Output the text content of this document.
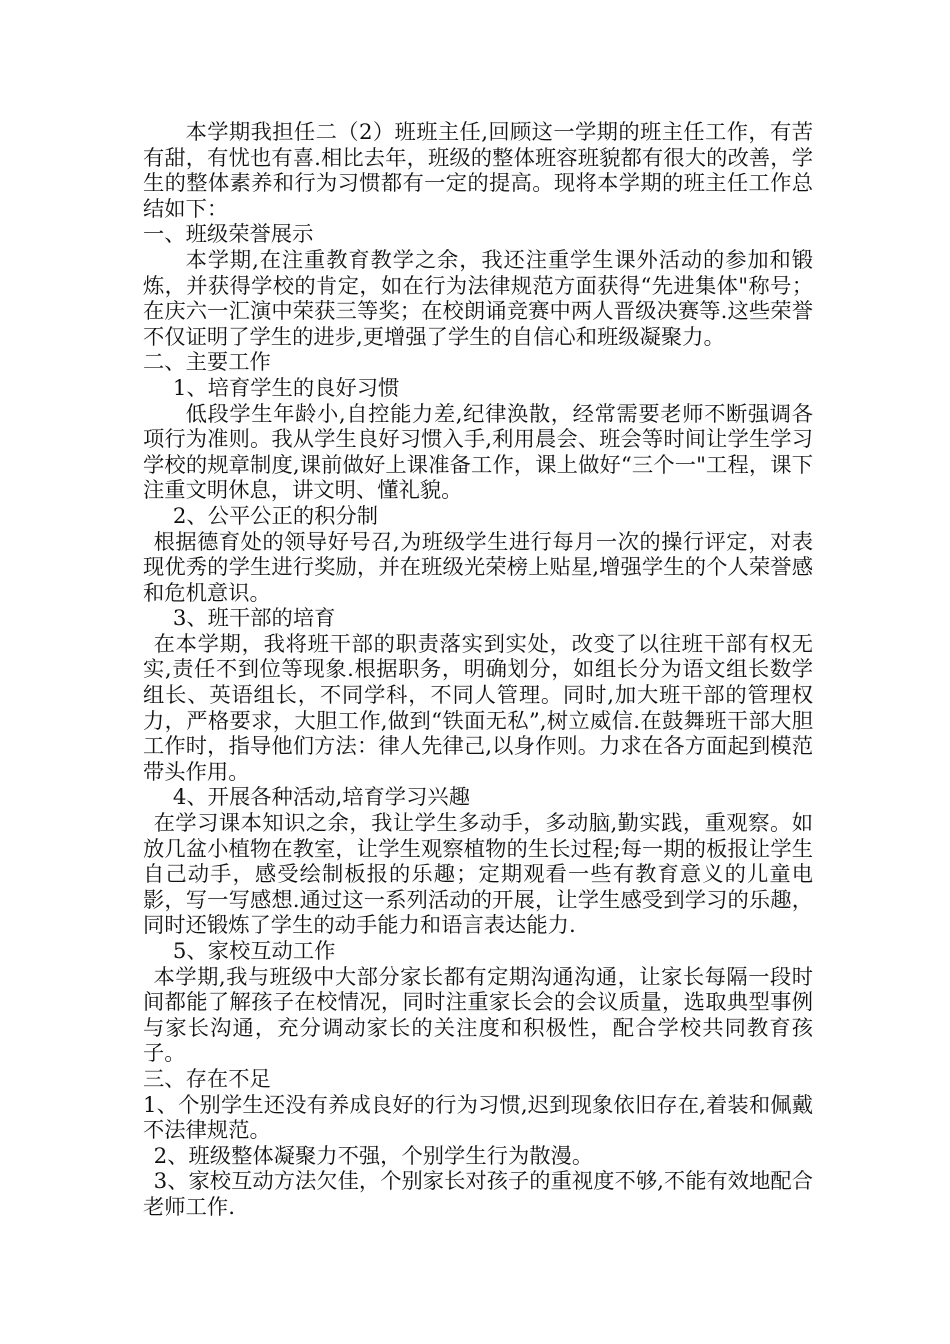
本学期我担任二（2）班班主任,回顾这一学期的班主任工作，有苦有甜，有忧也有喜.相比去年，班级的整体班容班貌都有很大的改善，学生的整体素养和行为习惯都有一定的提高。现将本学期的班主任工作总结如下：

一、班级荣誉展示

本学期,在注重教育教学之余，我还注重学生课外活动的参加和锻炼，并获得学校的肯定，如在行为法律规范方面获得“先进集体"称号；在庆六一汇演中荣获三等奖；在校朗诵竞赛中两人晋级决赛等.这些荣誉不仅证明了学生的进步,更增强了学生的自信心和班级凝聚力。

二、主要工作

1、培育学生的良好习惯

低段学生年龄小,自控能力差,纪律涣散，经常需要老师不断强调各项行为准则。我从学生良好习惯入手,利用晨会、班会等时间让学生学习学校的规章制度,课前做好上课准备工作，课上做好“三个一"工程，课下注重文明休息，讲文明、懂礼貌。

2、公平公正的积分制

根据德育处的领导好号召,为班级学生进行每月一次的操行评定，对表现优秀的学生进行奖励，并在班级光荣榜上贴星,增强学生的个人荣誉感和危机意识。

3、班干部的培育

在本学期，我将班干部的职责落实到实处，改变了以往班干部有权无实,责任不到位等现象.根据职务，明确划分，如组长分为语文组长数学组长、英语组长，不同学科，不同人管理。同时,加大班干部的管理权力，严格要求，大胆工作,做到“铁面无私”,树立威信.在鼓舞班干部大胆工作时，指导他们方法：律人先律己,以身作则。力求在各方面起到模范带头作用。

4、开展各种活动,培育学习兴趣

在学习课本知识之余，我让学生多动手，多动脑,勤实践，重观察。如放几盆小植物在教室，让学生观察植物的生长过程;每一期的板报让学生自己动手，感受绘制板报的乐趣；定期观看一些有教育意义的儿童电影，写一写感想.通过这一系列活动的开展，让学生感受到学习的乐趣，同时还锻炼了学生的动手能力和语言表达能力.

5、家校互动工作

本学期,我与班级中大部分家长都有定期沟通沟通，让家长每隔一段时间都能了解孩子在校情况，同时注重家长会的会议质量，选取典型事例与家长沟通，充分调动家长的关注度和积极性，配合学校共同教育孩子。

三、存在不足

1、个别学生还没有养成良好的行为习惯,迟到现象依旧存在,着装和佩戴不法律规范。

2、班级整体凝聚力不强，个别学生行为散漫。

3、家校互动方法欠佳，个别家长对孩子的重视度不够,不能有效地配合老师工作.
